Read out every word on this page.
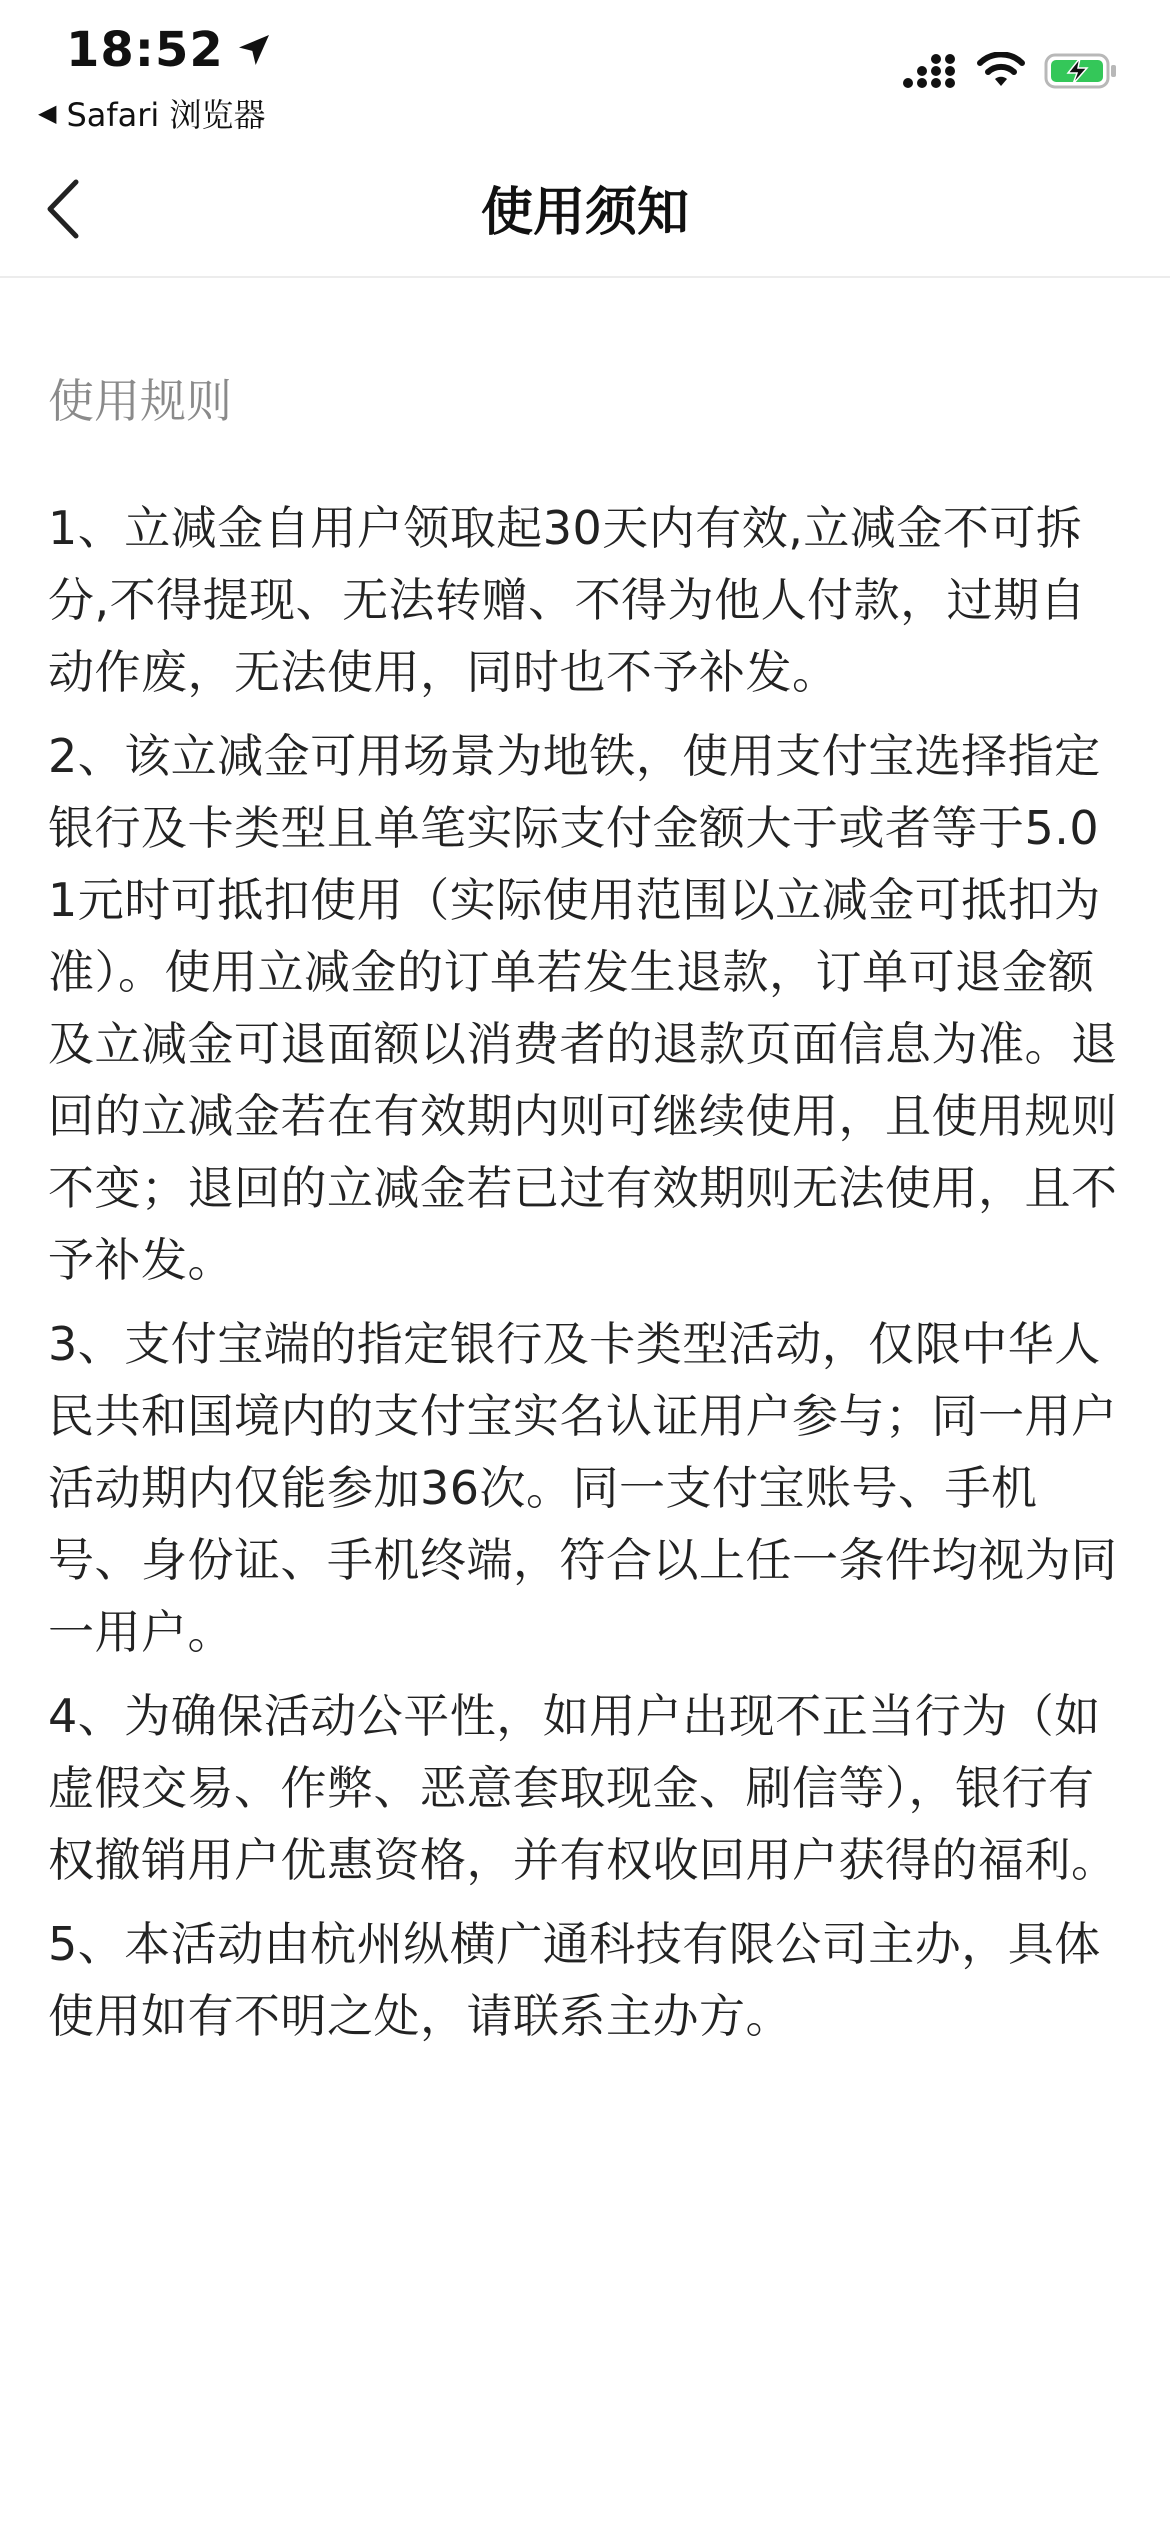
18:52
◀ Safari 浏览器
使用须知
使用规则

1、立减金自用户领取起30天内有效,立减金不可拆分,不得提现、无法转赠、不得为他人付款，过期自动作废，无法使用，同时也不予补发。

2、该立减金可用场景为地铁，使用支付宝选择指定银行及卡类型且单笔实际支付金额大于或者等于5.01元时可抵扣使用（实际使用范围以立减金可抵扣为准）。使用立减金的订单若发生退款，订单可退金额及立减金可退面额以消费者的退款页面信息为准。退回的立减金若在有效期内则可继续使用，且使用规则不变；退回的立减金若已过有效期则无法使用，且不予补发。

3、支付宝端的指定银行及卡类型活动，仅限中华人民共和国境内的支付宝实名认证用户参与；同一用户活动期内仅能参加36次。同一支付宝账号、手机号、身份证、手机终端，符合以上任一条件均视为同一用户。

4、为确保活动公平性，如用户出现不正当行为（如虚假交易、作弊、恶意套取现金、刷信等），银行有权撤销用户优惠资格，并有权收回用户获得的福利。

5、本活动由杭州纵横广通科技有限公司主办，具体使用如有不明之处，请联系主办方。
